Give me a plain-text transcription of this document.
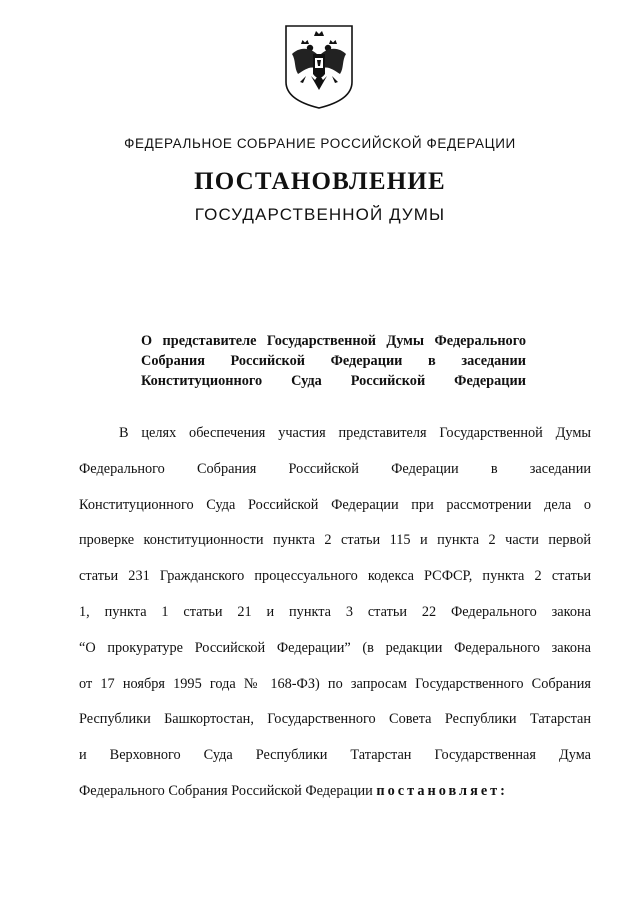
ФЕДЕРАЛЬНОЕ СОБРАНИЕ РОССИЙСКОЙ ФЕДЕРАЦИИ
ПОСТАНОВЛЕНИЕ
ГОСУДАРСТВЕННОЙ ДУМЫ
О представителе Государственной Думы Федерального
Собрания Российской Федерации в заседании
Конституционного Суда Российской Федерации
В целях обеспечения участия представителя Государственной Думы
Федерального Собрания Российской Федерации в заседании
Конституционного Суда Российской Федерации при рассмотрении дела о
проверке конституционности пункта 2 статьи 115 и пункта 2 части первой
статьи 231 Гражданского процессуального кодекса РСФСР, пункта 2 статьи
1, пункта 1 статьи 21 и пункта 3 статьи 22 Федерального закона
“О прокуратуре Российской Федерации” (в редакции Федерального закона
от 17 ноября 1995 года № 168-ФЗ) по запросам Государственного Собрания
Республики Башкортостан, Государственного Совета Республики Татарстан
и Верховного Суда Республики Татарстан Государственная Дума
Федерального Собрания Российской Федерации постановляет:
